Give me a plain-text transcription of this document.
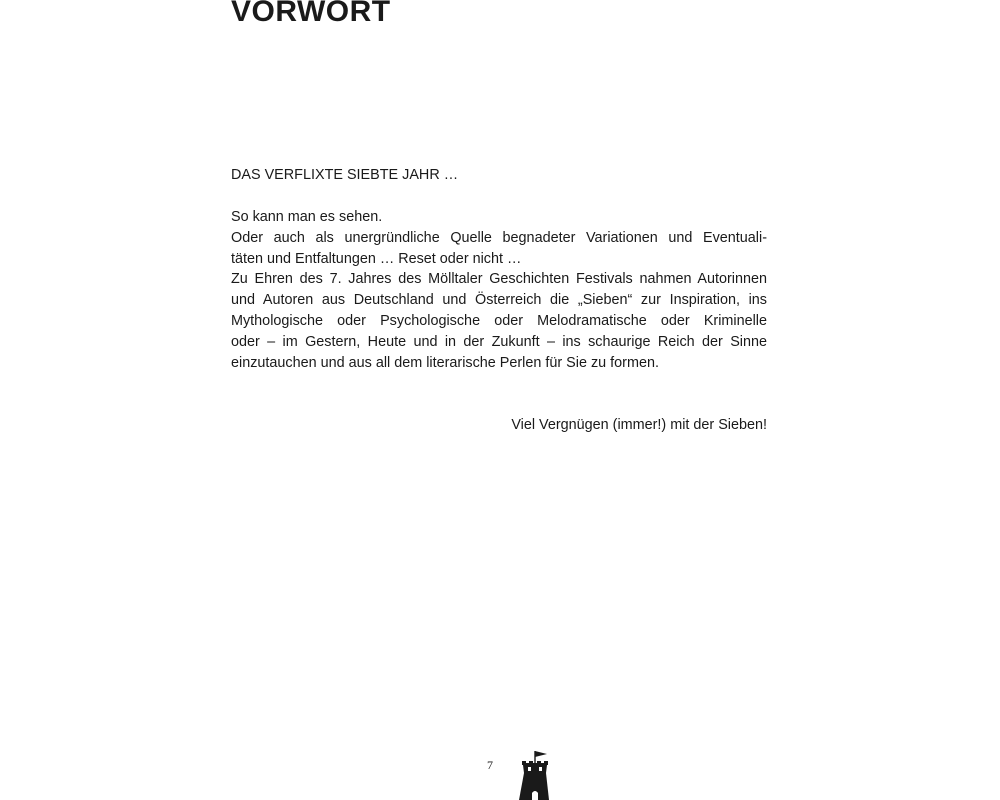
VORWORT
DAS VERFLIXTE SIEBTE JAHR …
So kann man es sehen.
Oder auch als unergründliche Quelle begnadeter Variationen und Eventuali-
täten und Entfaltungen … Reset oder nicht …
Zu Ehren des 7. Jahres des Mölltaler Geschichten Festivals nahmen Autorinnen
und Autoren aus Deutschland und Österreich die „Sieben“ zur Inspiration, ins
Mythologische oder Psychologische oder Melodramatische oder Kriminelle
oder – im Gestern, Heute und in der Zukunft – ins schaurige Reich der Sinne
einzutauchen und aus all dem literarische Perlen für Sie zu formen.
Viel Vergnügen (immer!) mit der Sieben!
7
